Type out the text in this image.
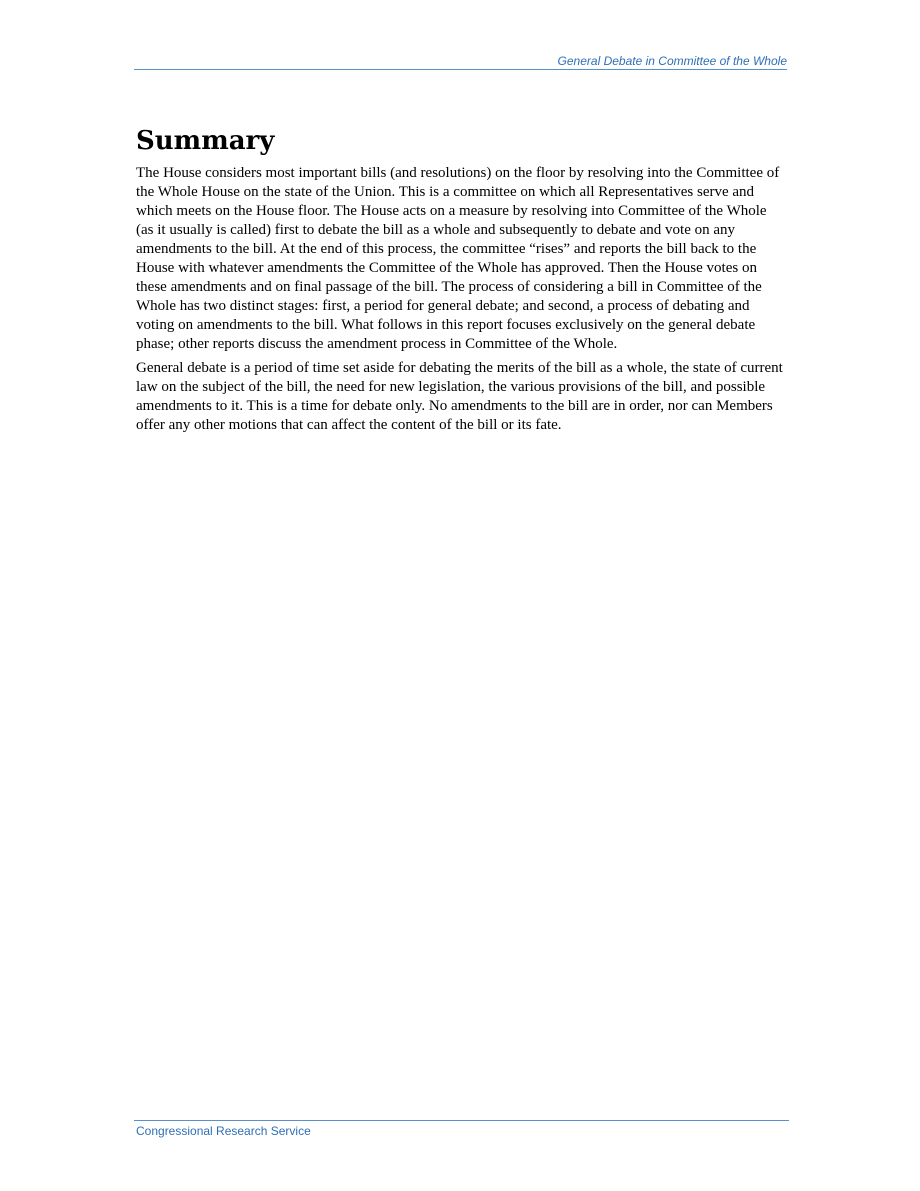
General Debate in Committee of the Whole
Summary

The House considers most important bills (and resolutions) on the floor by resolving into the Committee of the Whole House on the state of the Union. This is a committee on which all Representatives serve and which meets on the House floor. The House acts on a measure by resolving into Committee of the Whole (as it usually is called) first to debate the bill as a whole and subsequently to debate and vote on any amendments to the bill. At the end of this process, the committee “rises” and reports the bill back to the House with whatever amendments the Committee of the Whole has approved. Then the House votes on these amendments and on final passage of the bill. The process of considering a bill in Committee of the Whole has two distinct stages: first, a period for general debate; and second, a process of debating and voting on amendments to the bill. What follows in this report focuses exclusively on the general debate phase; other reports discuss the amendment process in Committee of the Whole.

General debate is a period of time set aside for debating the merits of the bill as a whole, the state of current law on the subject of the bill, the need for new legislation, the various provisions of the bill, and possible amendments to it. This is a time for debate only. No amendments to the bill are in order, nor can Members offer any other motions that can affect the content of the bill or its fate.

Congressional Research Service
